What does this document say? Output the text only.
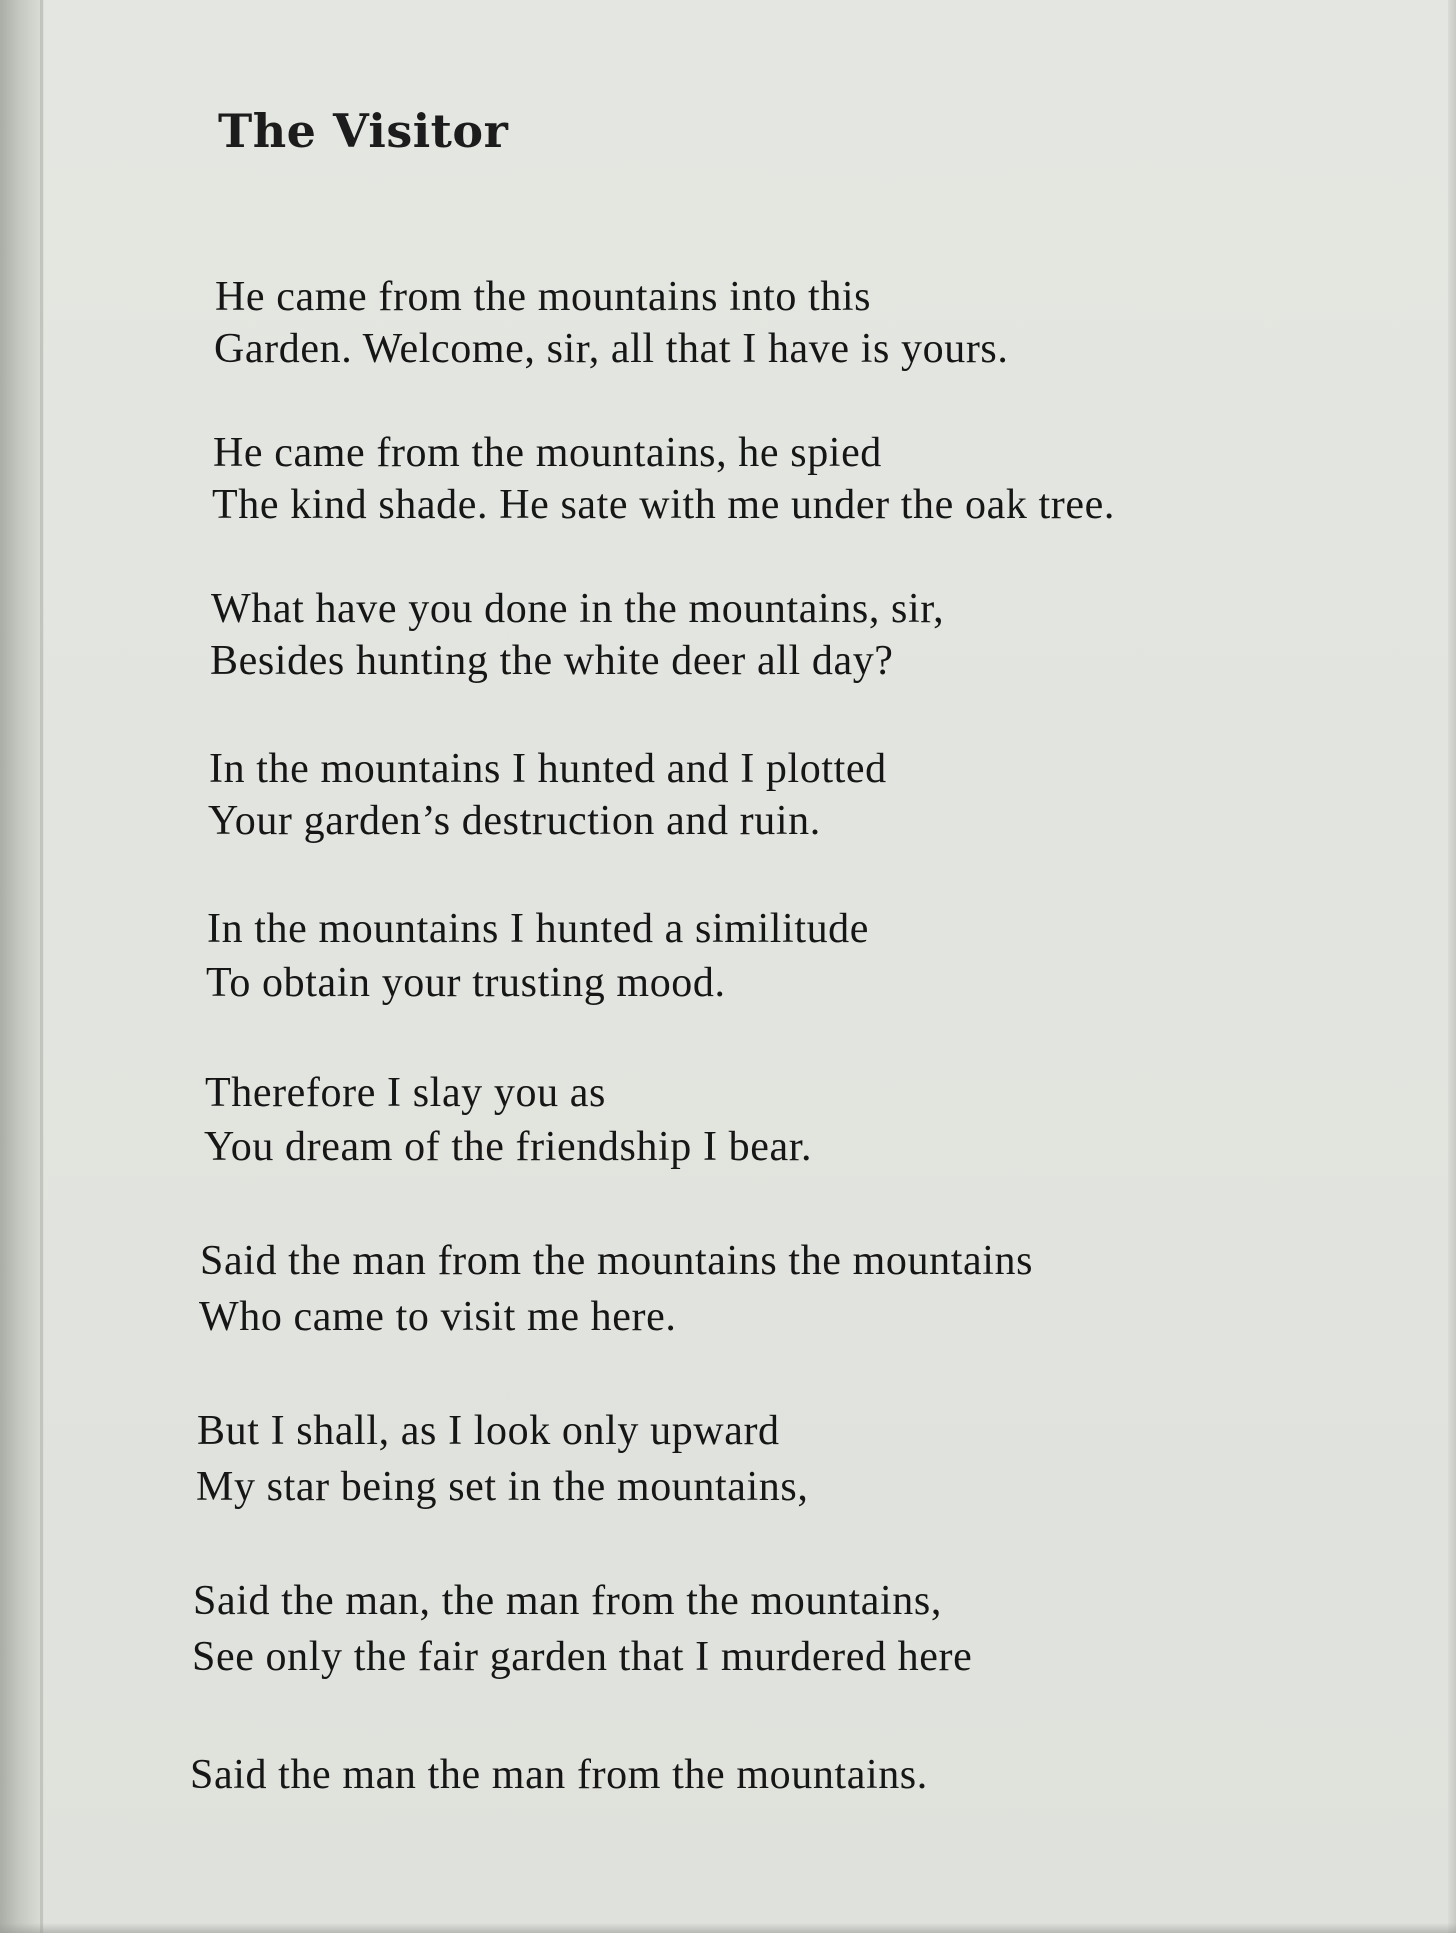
The Visitor

He came from the mountains into this

Garden. Welcome, sir, all that I have is yours.

He came from the mountains, he spied

The kind shade. He sate with me under the oak tree.

What have you done in the mountains, sir,

Besides hunting the white deer all day?

In the mountains I hunted and I plotted

Your garden’s destruction and ruin.

In the mountains I hunted a similitude

To obtain your trusting mood.

Therefore I slay you as

You dream of the friendship I bear.

Said the man from the mountains the mountains

Who came to visit me here.

But I shall, as I look only upward

My star being set in the mountains,

Said the man, the man from the mountains,

See only the fair garden that I murdered here

Said the man the man from the mountains.
